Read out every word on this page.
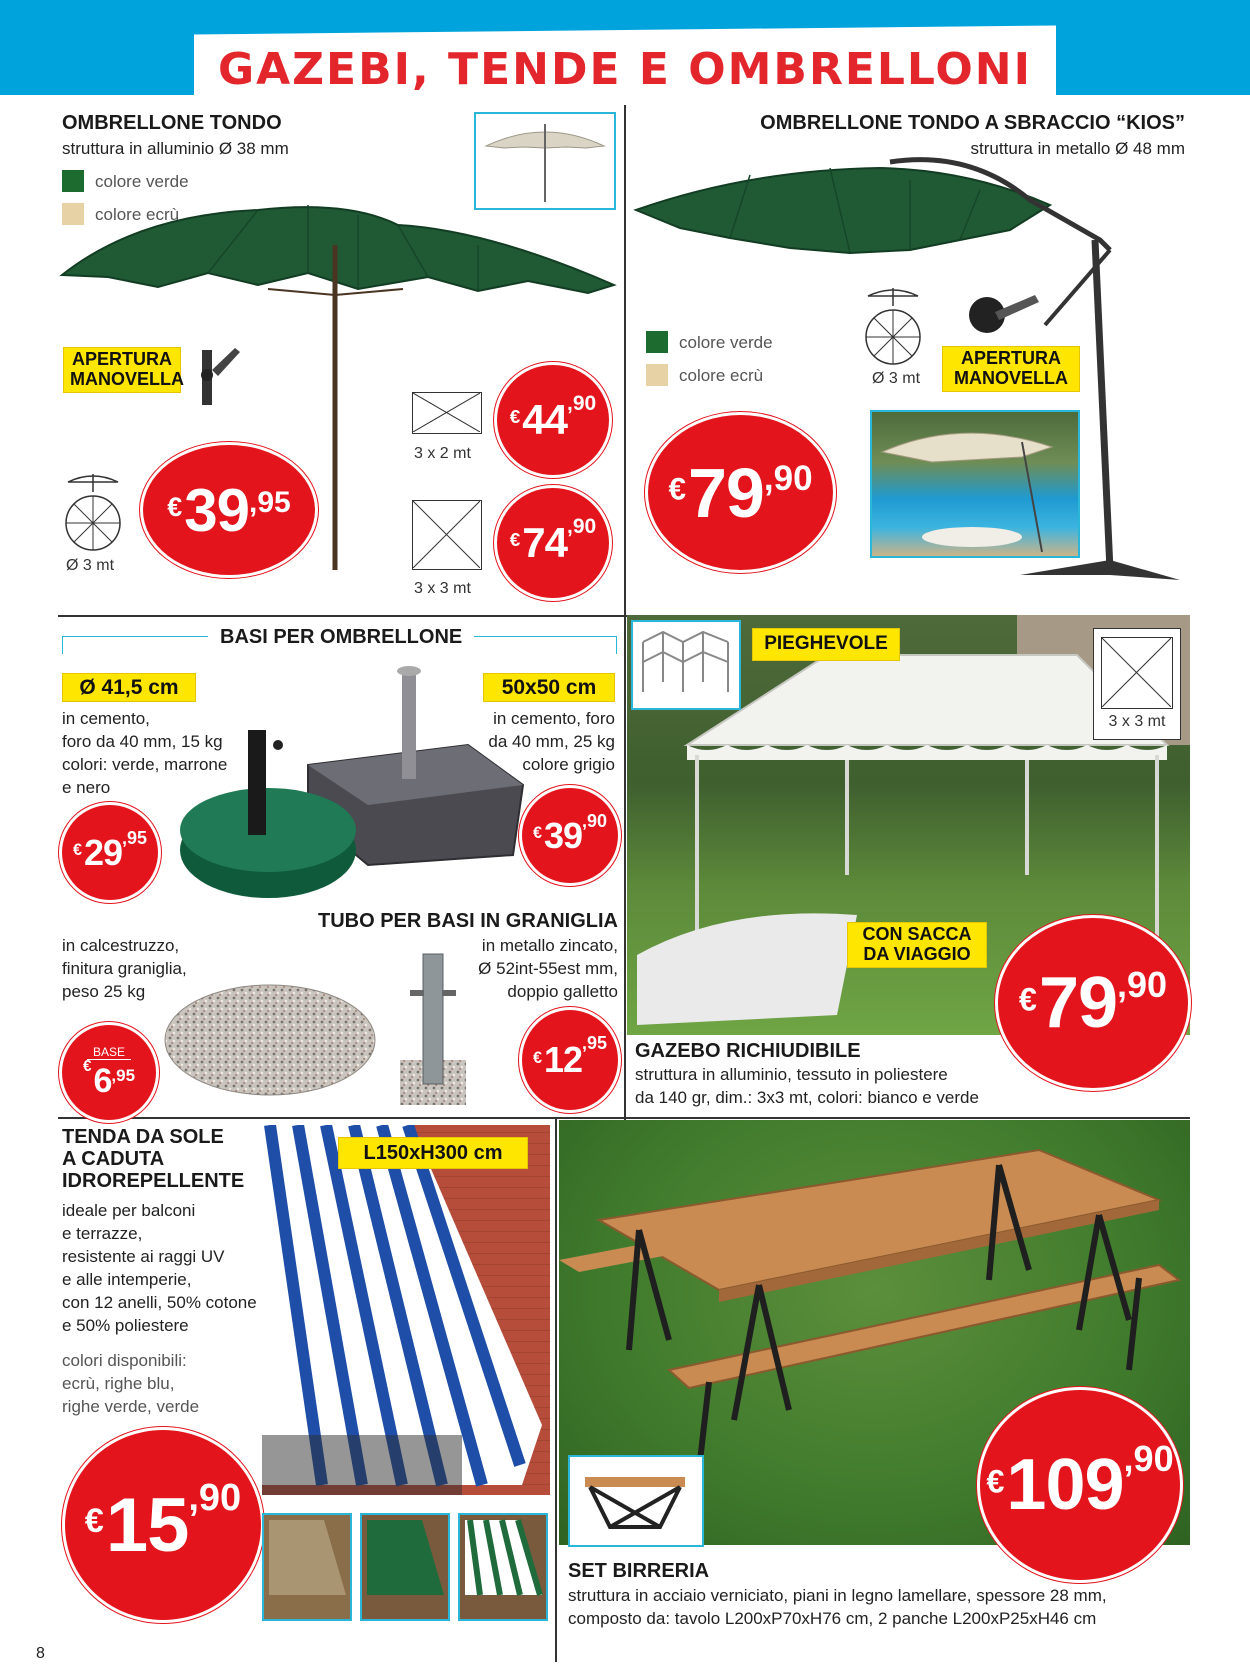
GAZEBI, TENDE E OMBRELLONI
OMBRELLONE TONDO
struttura in alluminio Ø 38 mm
colore verde
colore ecrù
APERTURA
MANOVELLA
Ø 3 mt
€ 39 ,95
3 x 2 mt
€ 44 ,90
3 x 3 mt
€ 74 ,90
OMBRELLONE TONDO A SBRACCIO “KIOS”
struttura in metallo Ø 48 mm
colore verde
colore ecrù	Ø 3 mt
APERTURA
MANOVELLA
€ 79 ,90
BASI PER OMBRELLONE
Ø 41,5 cm
in cemento,
foro da 40 mm, 15 kg
colori: verde, marrone
e nero
€ 29 ,95
50x50 cm
in cemento, foro
da 40 mm, 25 kg
colore grigio
€ 39 ,90
TUBO PER BASI IN GRANIGLIA
in calcestruzzo,
finitura graniglia,
peso 25 kg
BASE
€ 6 ,95
in metallo zincato,
Ø 52int-55est mm,
doppio galletto
€ 12 ,95
PIEGHEVOLE
3 x 3 mt
CON SACCA
DA VIAGGIO
€ 79 ,90
GAZEBO RICHIUDIBILE
struttura in alluminio, tessuto in poliestere
da 140 gr, dim.: 3x3 mt, colori: bianco e verde
TENDA DA SOLE
A CADUTA
IDROREPELLENTE
ideale per balconi
e terrazze,
resistente ai raggi UV
e alle intemperie,
con 12 anelli, 50% cotone
e 50% poliestere
colori disponibili:
ecrù, righe blu,
righe verde, verde
€ 15 ,90
L150xH300 cm
€ 109 ,90
SET BIRRERIA
struttura in acciaio verniciato, piani in legno lamellare, spessore 28 mm,
composto da: tavolo L200xP70xH76 cm, 2 panche L200xP25xH46 cm
8
